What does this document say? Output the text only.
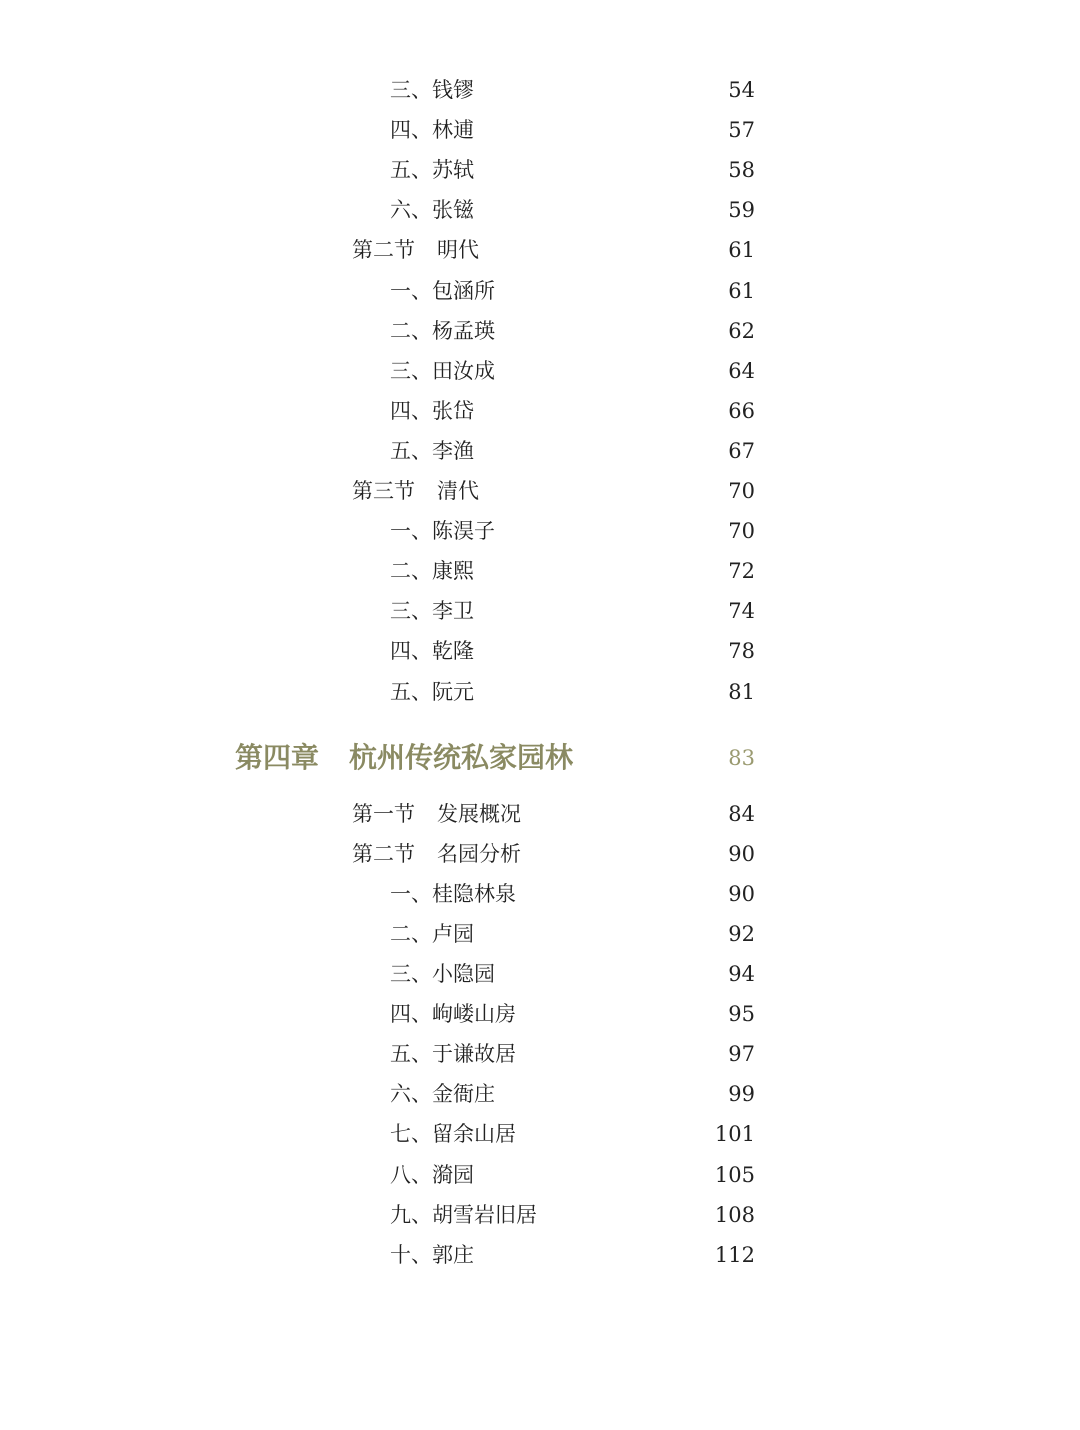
三、钱镠	54
四、林逋	57
五、苏轼	58
六、张镃	59
第二节 明代	61
一、包涵所	61
二、杨孟瑛	62
三、田汝成	64
四、张岱	66
五、李渔	67
第三节 清代	70
一、陈淏子	70
二、康熙	72
三、李卫	74
四、乾隆	78
五、阮元	81
第四章 杭州传统私家园林	83
第一节 发展概况	84
第二节 名园分析	90
一、桂隐林泉	90
二、卢园	92
三、小隐园	94
四、岣嵝山房	95
五、于谦故居	97
六、金衙庄	99
七、留余山居	101
八、漪园	105
九、胡雪岩旧居	108
十、郭庄	112
